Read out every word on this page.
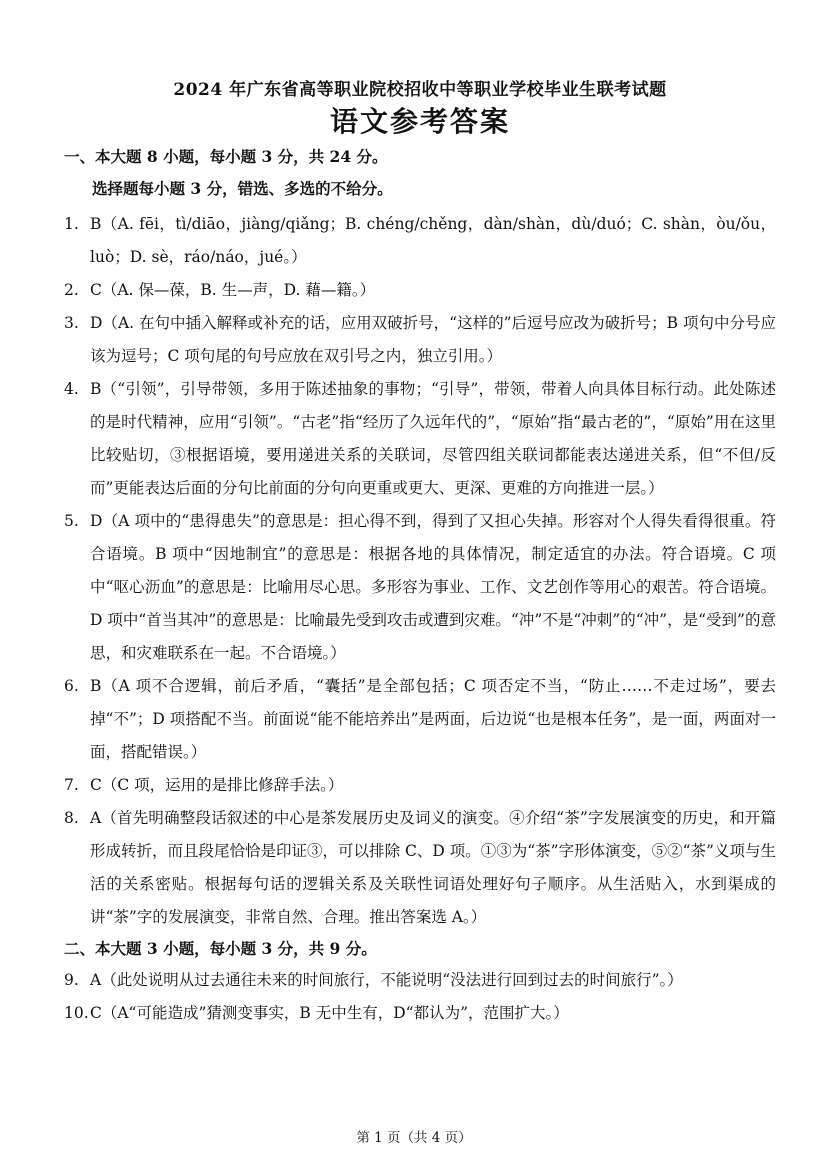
2024 年广东省高等职业院校招收中等职业学校毕业生联考试题
语文参考答案
一、本大题 8 小题，每小题 3 分，共 24 分。
选择题每小题 3 分，错选、多选的不给分。
1. B（A. fēi，tì/diāo，jiàng/qiǎng；B. chéng/chěng，dàn/shàn，dù/duó；C. shàn，òu/ǒu，luò；D. sè，ráo/náo，jué。）
2. C（A. 保—葆，B. 生—声，D. 藉—籍。）
3. D（A. 在句中插入解释或补充的话，应用双破折号，“这样的”后逗号应改为破折号；B 项句中分号应该为逗号；C 项句尾的句号应放在双引号之内，独立引用。）
4. B（“引领”，引导带领，多用于陈述抽象的事物；“引导”，带领，带着人向具体目标行动。此处陈述的是时代精神，应用“引领”。“古老”指“经历了久远年代的”，“原始”指“最古老的”，“原始”用在这里比较贴切，③根据语境，要用递进关系的关联词，尽管四组关联词都能表达递进关系，但“不但/反而”更能表达后面的分句比前面的分句向更重或更大、更深、更难的方向推进一层。）
5. D（A 项中的“患得患失”的意思是：担心得不到，得到了又担心失掉。形容对个人得失看得很重。符合语境。B 项中“因地制宜”的意思是：根据各地的具体情况，制定适宜的办法。符合语境。C 项中“呕心沥血”的意思是：比喻用尽心思。多形容为事业、工作、文艺创作等用心的艰苦。符合语境。D 项中“首当其冲”的意思是：比喻最先受到攻击或遭到灾难。“冲”不是“冲刺”的“冲”，是“受到”的意思，和灾难联系在一起。不合语境。）
6. B（A 项不合逻辑，前后矛盾，“囊括”是全部包括；C 项否定不当，“防止……不走过场”，要去掉“不”；D 项搭配不当。前面说“能不能培养出”是两面，后边说“也是根本任务”，是一面，两面对一面，搭配错误。）
7. C（C 项，运用的是排比修辞手法。）
8. A（首先明确整段话叙述的中心是茶发展历史及词义的演变。④介绍“茶”字发展演变的历史，和开篇形成转折，而且段尾恰恰是印证③，可以排除 C、D 项。①③为“茶”字形体演变，⑤②“茶”义项与生活的关系密贴。根据每句话的逻辑关系及关联性词语处理好句子顺序。从生活贴入，水到渠成的讲“茶”字的发展演变，非常自然、合理。推出答案选 A。）
二、本大题 3 小题，每小题 3 分，共 9 分。
9. A（此处说明从过去通往未来的时间旅行，不能说明“没法进行回到过去的时间旅行”。）
10. C（A“可能造成”猜测变事实，B 无中生有，D“都认为”，范围扩大。）
第 1 页（共 4 页）
